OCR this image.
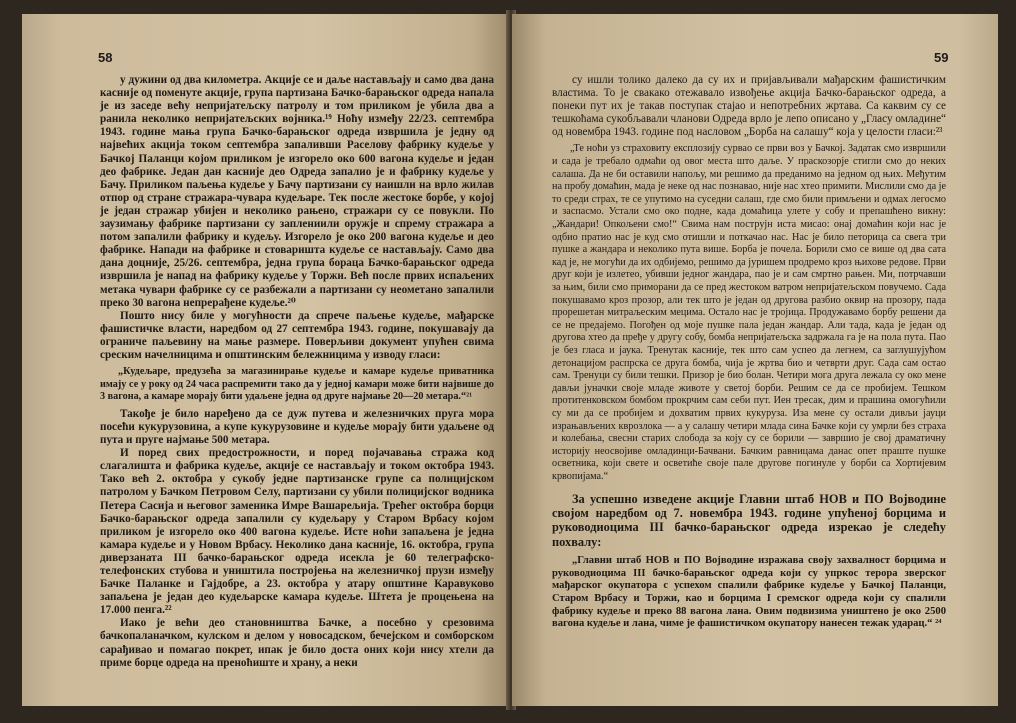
58

у дужини од два километра. Акције се и даље настављају и само два дана касније од поменуте акције, група партизана Бачко-барањског одреда напала је из заседе већу непријатељску патролу и том приликом је убила два а ранила неколико непријатељских војника.¹⁹ Ноћу између 22/23. септембра 1943. године мања група Бачко-барањског одреда извршила је једну од највећих акција током септембра запаливши Раселову фабрику кудеље у Бачкој Паланци којом приликом је изгорело око 600 вагона кудеље и један део фабрике. Један дан касније део Одреда запалио је и фабрику кудеље у Бачу. Приликом паљења кудеље у Бачу партизани су наишли на врло жилав отпор од стране стражара-чувара кудељаре. Тек после жестоке борбе, у којој је један стражар убијен и неколико рањено, стражари су се повукли. По заузимању фабрике партизани су заплениили оружје и спрему стражара а потом запалили фабрику и кудељу. Изгорело је око 200 вагона кудеље и део фабрике. Напади на фабрике и стоваришта кудеље се настављају. Само два дана доцније, 25/26. септембра, једна група бораца Бачко-барањског одреда извршила је напад на фабрику кудеље у Торжи. Већ после првих испаљених метака чувари фабрике су се разбежали а партизани су неометано запалили преко 30 вагона непрерађене кудеље.²⁰

Пошто нису биле у могућности да спрече паљење кудеље, мађарске фашистичке власти, наредбом од 27 септембра 1943. године, покушавају да ограниче паљевину на мање размере. Поверљиви документ упућен свима среским начелницима и општинским бележницима у изводу гласи:

„Кудељаре, предузећа за магазинирање кудеље и камаре кудеље приватника имају се у року од 24 часа распремити тако да у једној камари може бити највише до 3 вагона, а камаре морају бити удаљене једна од друге најмање 20—20 метара.“²¹

Такође је било наређено да се дуж путева и железничких пруга мора посећи кукурузовина, а купе кукурузовине и кудеље морају бити удаљене од пута и пруге најмање 500 метара.

И поред свих предострожности, и поред појачавања стража код слагалишта и фабрика кудеље, акције се настављају и током октобра 1943. Тако већ 2. октобра у сукобу једне партизанске групе са полицијском патролом у Бачком Петровом Селу, партизани су убили полицијског водника Петера Сасија и његовог заменика Имре Вашарељија. Трећег октобра борци Бачко-барањског одреда запалили су кудељару у Старом Врбасу којом приликом је изгорело око 400 вагона кудеље. Исте ноћи запаљена је једна камара кудеље и у Новом Врбасу. Неколико дана касније, 16. октобра, група диверзаната III бачко-барањског одреда исекла је 60 телеграфско-телефонских стубова и уништила постројења на железничкој прузи између Бачке Паланке и Гајдобре, а 23. октобра у атару општине Каравуково запаљена је један део кудељарске камара кудеље. Штета је процењена на 17.000 пенга.²²

Иако је већи део становништва Бачке, а посебно у срезовима бачкопаланачком, кулском и делом у новосадском, бечејском и сомборском сарађивао и помагао покрет, ипак је било доста оних који нису хтели да приме борце одреда на пренoћиште и храну, а неки

59

су ишли толико далеко да су их и пријављивали мађарским фашистичким властима. То је свакако отежавало извођење акција Бачко-барањског одреда, а понеки пут их је такав поступак стајао и непотребних жртава. Са каквим су се тешкоћама сукобљавали чланови Одреда врло је лепо описано у „Гласу омладине“ од новембра 1943. године под насловом „Борба на салашу“ која у целости гласи:²³

„Те ноћи уз страховиту експлозију сурвао се први воз у Бачкој. Задатак смо извршили и сада је требало одмаћи од овог места што даље. У праскозорје стигли смо до неких салаша. Да не би оставили напољу, ми решимо да преданимо на једном од њих. Међутим на пробу домаћин, мада је неке од нас познавао, није нас хтео примити. Мислили смо да је то среди страх, те се упутимо на суседни салаш, где смо били примљени и одмах легосмо и заспасмо. Устали смо око подне, када домаћица улете у собу и препашћено викну: „Жандари! Опкољени смо!“ Свима нам пострујн иста мисао: онај домаћин који нас је одбио пратио нас је куд смо отишли и поткачао нас. Нас је било петорица са свега три пушке а жандара и неколико пута више. Борба је почела. Борили смо се више од два сата кад је, не могући да их одбијемо, решимо да јуришем продремо кроз њихове редове. Први друг који је излетео, убивши једног жандара, пао је и сам смртно рањен. Ми, потрчавши за њим, били смо приморани да се пред жестоком ватром непријатељском повучемо. Сада покушавамо кроз прозор, али тек што је један од другова разбио оквир на прозору, пада прорешетан митраљеским мецима. Остало нас је тројица. Продужавамо борбу решени да се не предајемо. Погођен од моје пушке пала један жандар. Али тада, када је један од другова хтео да пређе у другу собу, бомба непријатељска задржала га је на пола пута. Пао је без гласа и јаука. Тренутак касније, тек што сам успео да легнем, са заглушујућом детонацијом распрска се друга бомба, чија је жртва био и четврти друг. Сада сам остао сам. Тренуци су били тешки. Призор је био болан. Четири мога друга лежала су око мене дављи јуначки своје младе животе у светој борби. Решим се да се пробијем. Тешком протитенковском бомбом прокрчим сам себи пут. Иен тресак, дим и прашина омогућили су ми да се пробијем и дохватим првих кукуруза. Иза мене су остали дивљи јауци израњављених кврозлока — а у салашу четири млада сина Бачке који су умрли без страха и колебања, свесни старих слобода за коју су се борили — завршио је свој драматичну историју неосвојиве омладинци-Бачвани. Бачким равницама данас опет праште пушке осветника, који свете и осветиће своје пале другове погинуле у борби са Хортијевим крвопијама.“

За успешно изведене акције Главни штаб НОВ и ПО Војводине својом наредбом од 7. новембра 1943. године упућеној борцима и руководиоцима III бачко-барањског одреда изрекао је следећу похвалу:

„Главни штаб НОВ и ПО Војводине изражава своју захвалност борцима и руководиоцима III бачко-барањског одреда који су упркос терора зверског мађарског окупатора с успехом спалили фабрике кудеље у Бачкој Паланци, Старом Врбасу и Торжи, као и борцима I сремског одреда који су спалили фабрику кудеље и преко 88 вагона лана. Овим подвизима уништено је око 2500 вагона кудеље и лана, чиме је фашистичком окупатору нанесен тежак ударац.“ ²⁴
